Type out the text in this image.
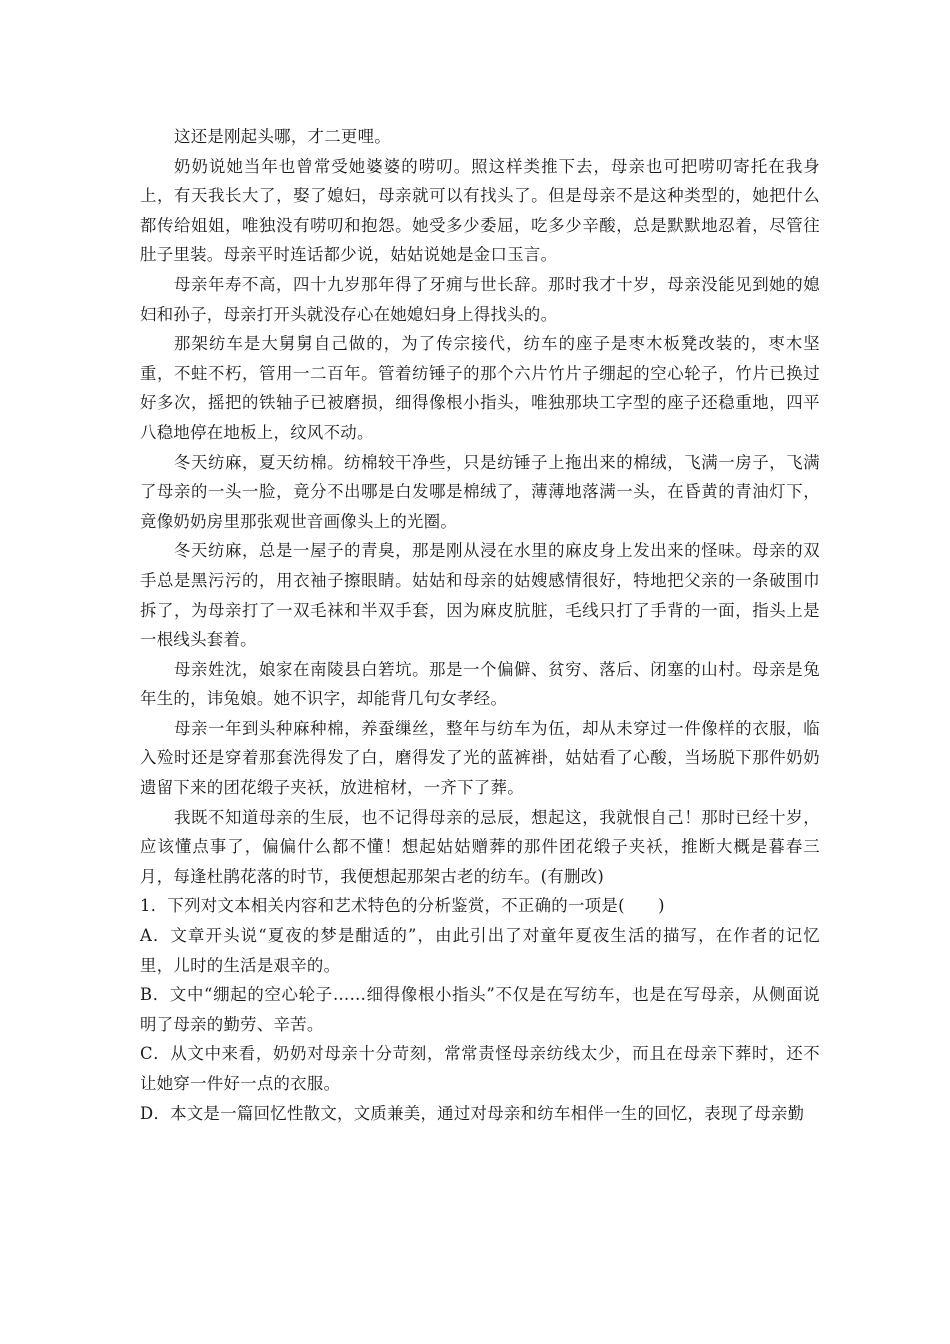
这还是刚起头哪，才二更哩。

奶奶说她当年也曾常受她婆婆的唠叨。照这样类推下去，母亲也可把唠叨寄托在我身上，有天我长大了，娶了媳妇，母亲就可以有找头了。但是母亲不是这种类型的，她把什么都传给姐姐，唯独没有唠叨和抱怨。她受多少委屈，吃多少辛酸，总是默默地忍着，尽管往肚子里装。母亲平时连话都少说，姑姑说她是金口玉言。

母亲年寿不高，四十九岁那年得了牙痈与世长辞。那时我才十岁，母亲没能见到她的媳妇和孙子，母亲打开头就没存心在她媳妇身上得找头的。

那架纺车是大舅舅自己做的，为了传宗接代，纺车的座子是枣木板凳改装的，枣木坚重，不蛀不朽，管用一二百年。管着纺锤子的那个六片竹片子绷起的空心轮子，竹片已换过好多次，摇把的铁轴子已被磨损，细得像根小指头，唯独那块工字型的座子还稳重地，四平八稳地停在地板上，纹风不动。

冬天纺麻，夏天纺棉。纺棉较干净些，只是纺锤子上拖出来的棉绒，飞满一房子，飞满了母亲的一头一脸，竟分不出哪是白发哪是棉绒了，薄薄地落满一头，在昏黄的青油灯下，竟像奶奶房里那张观世音画像头上的光圈。

冬天纺麻，总是一屋子的青臭，那是刚从浸在水里的麻皮身上发出来的怪味。母亲的双手总是黑污污的，用衣袖子擦眼睛。姑姑和母亲的姑嫂感情很好，特地把父亲的一条破围巾拆了，为母亲打了一双毛袜和半双手套，因为麻皮肮脏，毛线只打了手背的一面，指头上是一根线头套着。

母亲姓沈，娘家在南陵县白箬坑。那是一个偏僻、贫穷、落后、闭塞的山村。母亲是兔年生的，讳兔娘。她不识字，却能背几句女孝经。

母亲一年到头种麻种棉，养蚕缫丝，整年与纺车为伍，却从未穿过一件像样的衣服，临入殓时还是穿着那套洗得发了白，磨得发了光的蓝裤褂，姑姑看了心酸，当场脱下那件奶奶遗留下来的团花缎子夹袄，放进棺材，一齐下了葬。

我既不知道母亲的生辰，也不记得母亲的忌辰，想起这，我就恨自己！那时已经十岁，应该懂点事了，偏偏什么都不懂！想起姑姑赠葬的那件团花缎子夹袄，推断大概是暮春三月，每逢杜鹃花落的时节，我便想起那架古老的纺车。(有删改)

1．下列对文本相关内容和艺术特色的分析鉴赏，不正确的一项是(　　)

A．文章开头说“夏夜的梦是酣适的”，由此引出了对童年夏夜生活的描写，在作者的记忆里，儿时的生活是艰辛的。

B．文中“绷起的空心轮子……细得像根小指头”不仅是在写纺车，也是在写母亲，从侧面说明了母亲的勤劳、辛苦。

C．从文中来看，奶奶对母亲十分苛刻，常常责怪母亲纺线太少，而且在母亲下葬时，还不让她穿一件好一点的衣服。

D．本文是一篇回忆性散文，文质兼美，通过对母亲和纺车相伴一生的回忆，表现了母亲勤
